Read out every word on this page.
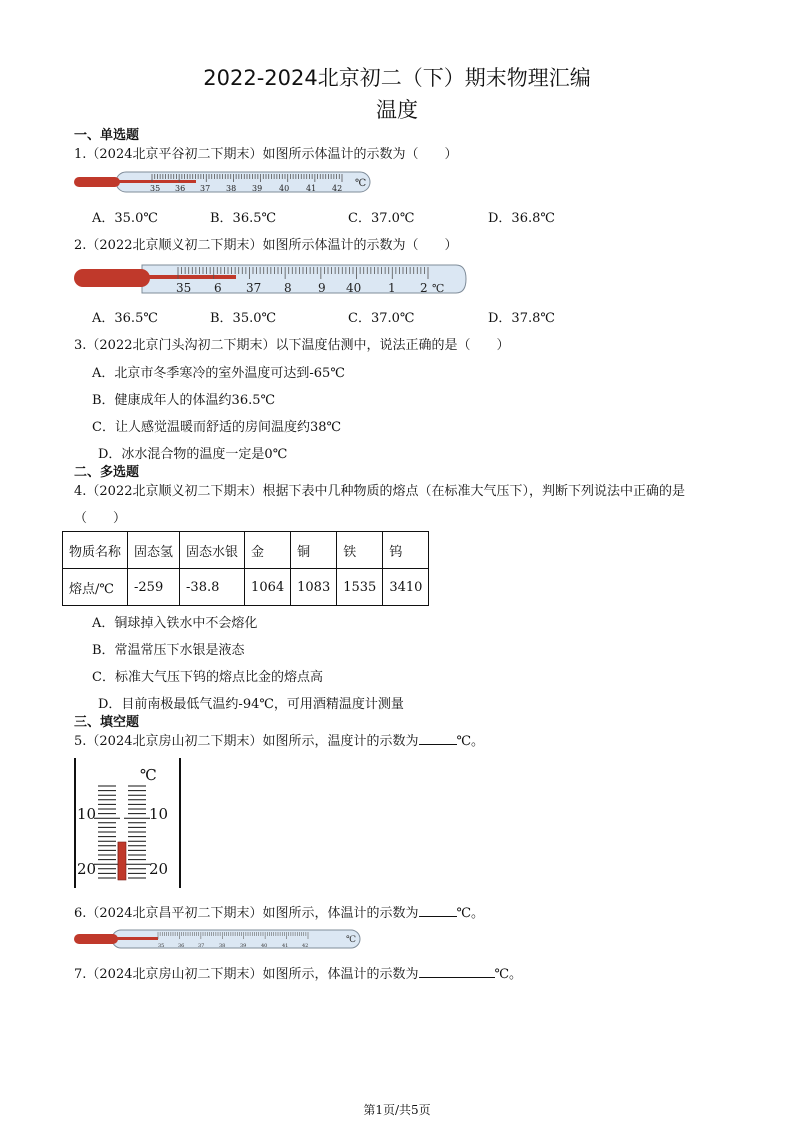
2022-2024北京初二（下）期末物理汇编
温度
一、单选题
1.（2024北京平谷初二下期末）如图所示体温计的示数为（　　）
35 36 37 38 39 40 41 42 ℃
A．35.0℃	B．36.5℃	C．37.0℃	D．36.8℃
2.（2022北京顺义初二下期末）如图所示体温计的示数为（　　）
35 6 37 8 9 40 1 2 ℃
A．36.5℃	B．35.0℃	C．37.0℃	D．37.8℃
3.（2022北京门头沟初二下期末）以下温度估测中，说法正确的是（　　）
A．北京市冬季寒冷的室外温度可达到-65℃
B．健康成年人的体温约36.5℃
C．让人感觉温暖而舒适的房间温度约38℃
D．冰水混合物的温度一定是0℃
二、多选题
4.（2022北京顺义初二下期末）根据下表中几种物质的熔点（在标准大气压下），判断下列说法中正确的是
（　　）
物质名称	固态氢	固态水银	金	铜	铁	钨
熔点/℃	-259	-38.8	1064	1083	1535	3410
A．铜球掉入铁水中不会熔化
B．常温常压下水银是液态
C．标准大气压下钨的熔点比金的熔点高
D．目前南极最低气温约-94℃，可用酒精温度计测量
三、填空题
5.（2024北京房山初二下期末）如图所示，温度计的示数为	℃。
℃
10	10
20	20
6.（2024北京昌平初二下期末）如图所示，体温计的示数为	℃。
35	36	37	38	39	40	41	42
℃
7.（2024北京房山初二下期末）如图所示，体温计的示数为	℃。
第1页/共5页
